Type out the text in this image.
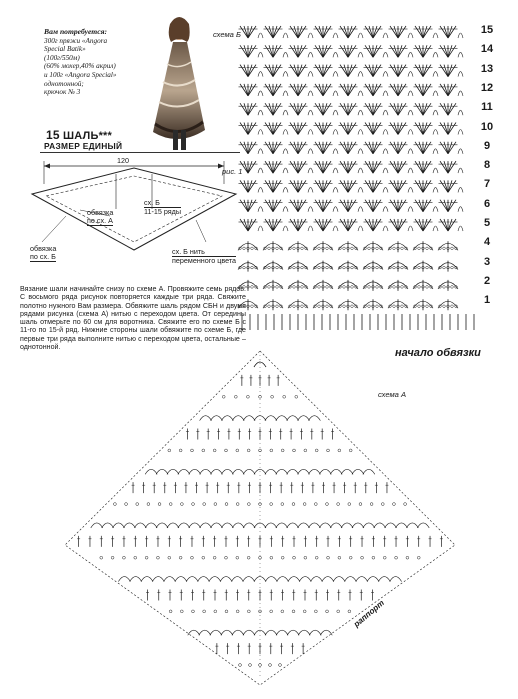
Вам потребуется:
300г пряжи «Angora
Special Batik»
(100г/550м)
(60% мохер,40% акрил)
и 100г «Angora Special»
однотонной;
крючок № 3
15 ШАЛЬ***
РАЗМЕР ЕДИНЫЙ
рис. 1
120
обвязка
по сх. А
сх. Б
11-15 ряды
обвязка
по сх. Б
сх. Б нить
переменного цвета
Вязание шали начинайте снизу по схеме А. Провяжите семь рядов. С восьмого ряда рисунок повторяется каждые три ряда. Свяжите полотно нужного Вам размера. Обвяжите шаль рядом СБН и двумя рядами рисунка (схема А) нитью с переходом цвета. От середины шаль отмерьте по 60 см для воротника. Свяжите его по схеме Б с 11-го по 15-й ряд. Нижние стороны шали обвяжите по схеме Б, где первые три ряда выполните нитью с переходом цвета, остальные – однотонной.
схема Б	15
14
13
12
11
10
9
8
7
6
5
4
3
2
1
начало обвязки
схема А
раппорт
